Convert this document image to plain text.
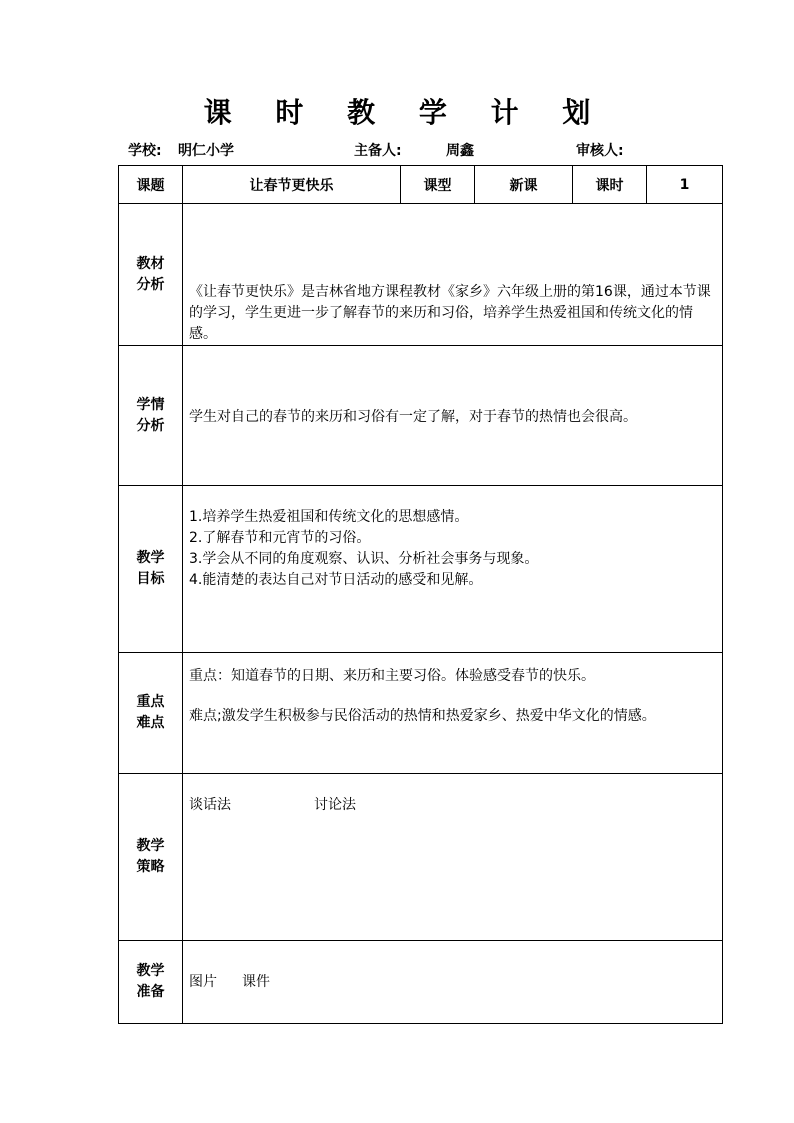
课 时 教 学 计 划
学校: 明仁小学	主备人:	周鑫	审核人:
课题	让春节更快乐	课型	新课	课时	1

教材
分析	《让春节更快乐》是吉林省地方课程教材《家乡》六年级上册的第16课，通过本节课的学习，学生更进一步了解春节的来历和习俗，培养学生热爱祖国和传统文化的情感。				

学情
分析	学生对自己的春节的来历和习俗有一定了解，对于春节的热情也会很高。				

教学
目标	1.培养学生热爱祖国和传统文化的思想感情。
2.了解春节和元宵节的习俗。
3.学会从不同的角度观察、认识、分析社会事务与现象。
4.能清楚的表达自己对节日活动的感受和见解。				

重点
难点	重点：知道春节的日期、来历和主要习俗。体验感受春节的快乐。
难点;激发学生积极参与民俗活动的热情和热爱家乡、热爱中华文化的情感。				

教学
策略	谈话法 讨论法				

教学
准备	图片 课件				
